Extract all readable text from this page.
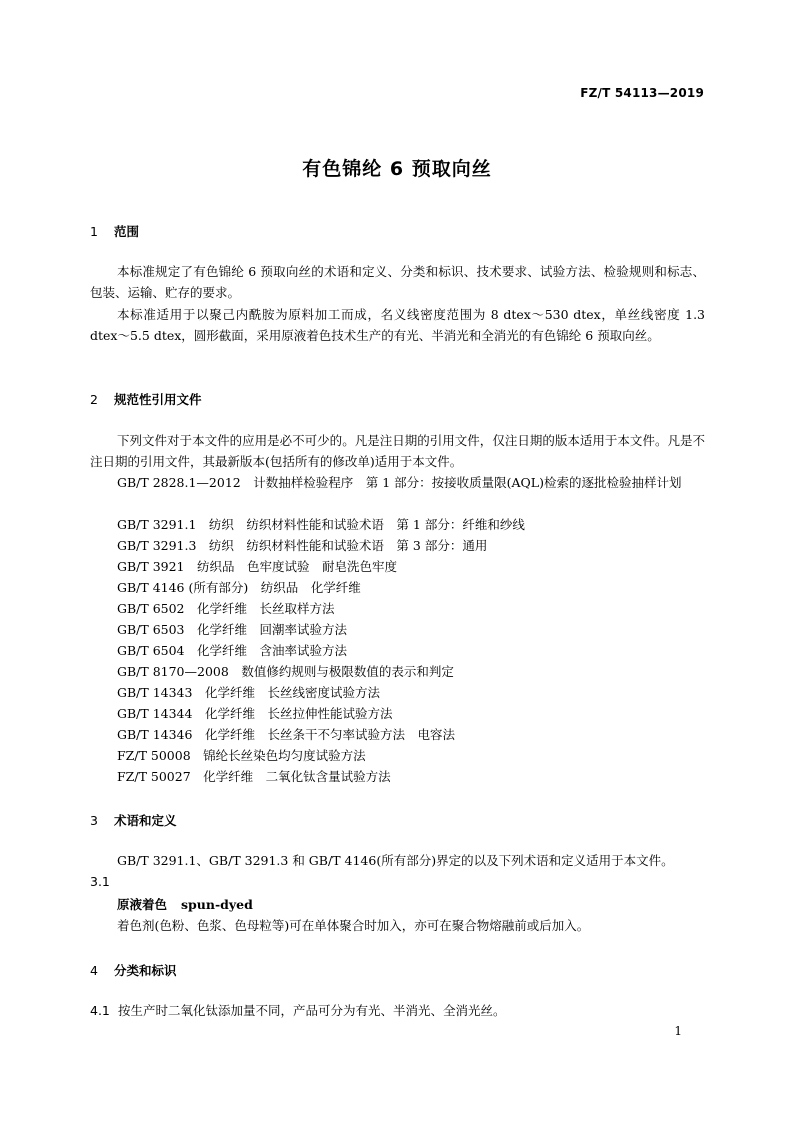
FZ/T 54113—2019
有色锦纶 6 预取向丝
1 范围

本标准规定了有色锦纶 6 预取向丝的术语和定义、分类和标识、技术要求、试验方法、检验规则和标志、包装、运输、贮存的要求。

本标准适用于以聚己内酰胺为原料加工而成，名义线密度范围为 8 dtex～530 dtex，单丝线密度 1.3 dtex～5.5 dtex，圆形截面，采用原液着色技术生产的有光、半消光和全消光的有色锦纶 6 预取向丝。

2 规范性引用文件

下列文件对于本文件的应用是必不可少的。凡是注日期的引用文件，仅注日期的版本适用于本文件。凡是不注日期的引用文件，其最新版本(包括所有的修改单)适用于本文件。

GB/T 2828.1—2012　计数抽样检验程序　第 1 部分：按接收质量限(AQL)检索的逐批检验抽样计划

GB/T 3291.1　纺织　纺织材料性能和试验术语　第 1 部分：纤维和纱线
GB/T 3291.3　纺织　纺织材料性能和试验术语　第 3 部分：通用
GB/T 3921　纺织品　色牢度试验　耐皂洗色牢度
GB/T 4146 (所有部分)　纺织品　化学纤维
GB/T 6502　化学纤维　长丝取样方法
GB/T 6503　化学纤维　回潮率试验方法
GB/T 6504　化学纤维　含油率试验方法
GB/T 8170—2008　数值修约规则与极限数值的表示和判定
GB/T 14343　化学纤维　长丝线密度试验方法
GB/T 14344　化学纤维　长丝拉伸性能试验方法
GB/T 14346　化学纤维　长丝条干不匀率试验方法　电容法
FZ/T 50008　锦纶长丝染色均匀度试验方法
FZ/T 50027　化学纤维　二氧化钛含量试验方法
3 术语和定义
GB/T 3291.1、GB/T 3291.3 和 GB/T 4146(所有部分)界定的以及下列术语和定义适用于本文件。
3.1
原液着色 spun-dyed
着色剂(色粉、色浆、色母粒等)可在单体聚合时加入，亦可在聚合物熔融前或后加入。
4 分类和标识
4.1 按生产时二氧化钛添加量不同，产品可分为有光、半消光、全消光丝。
1
